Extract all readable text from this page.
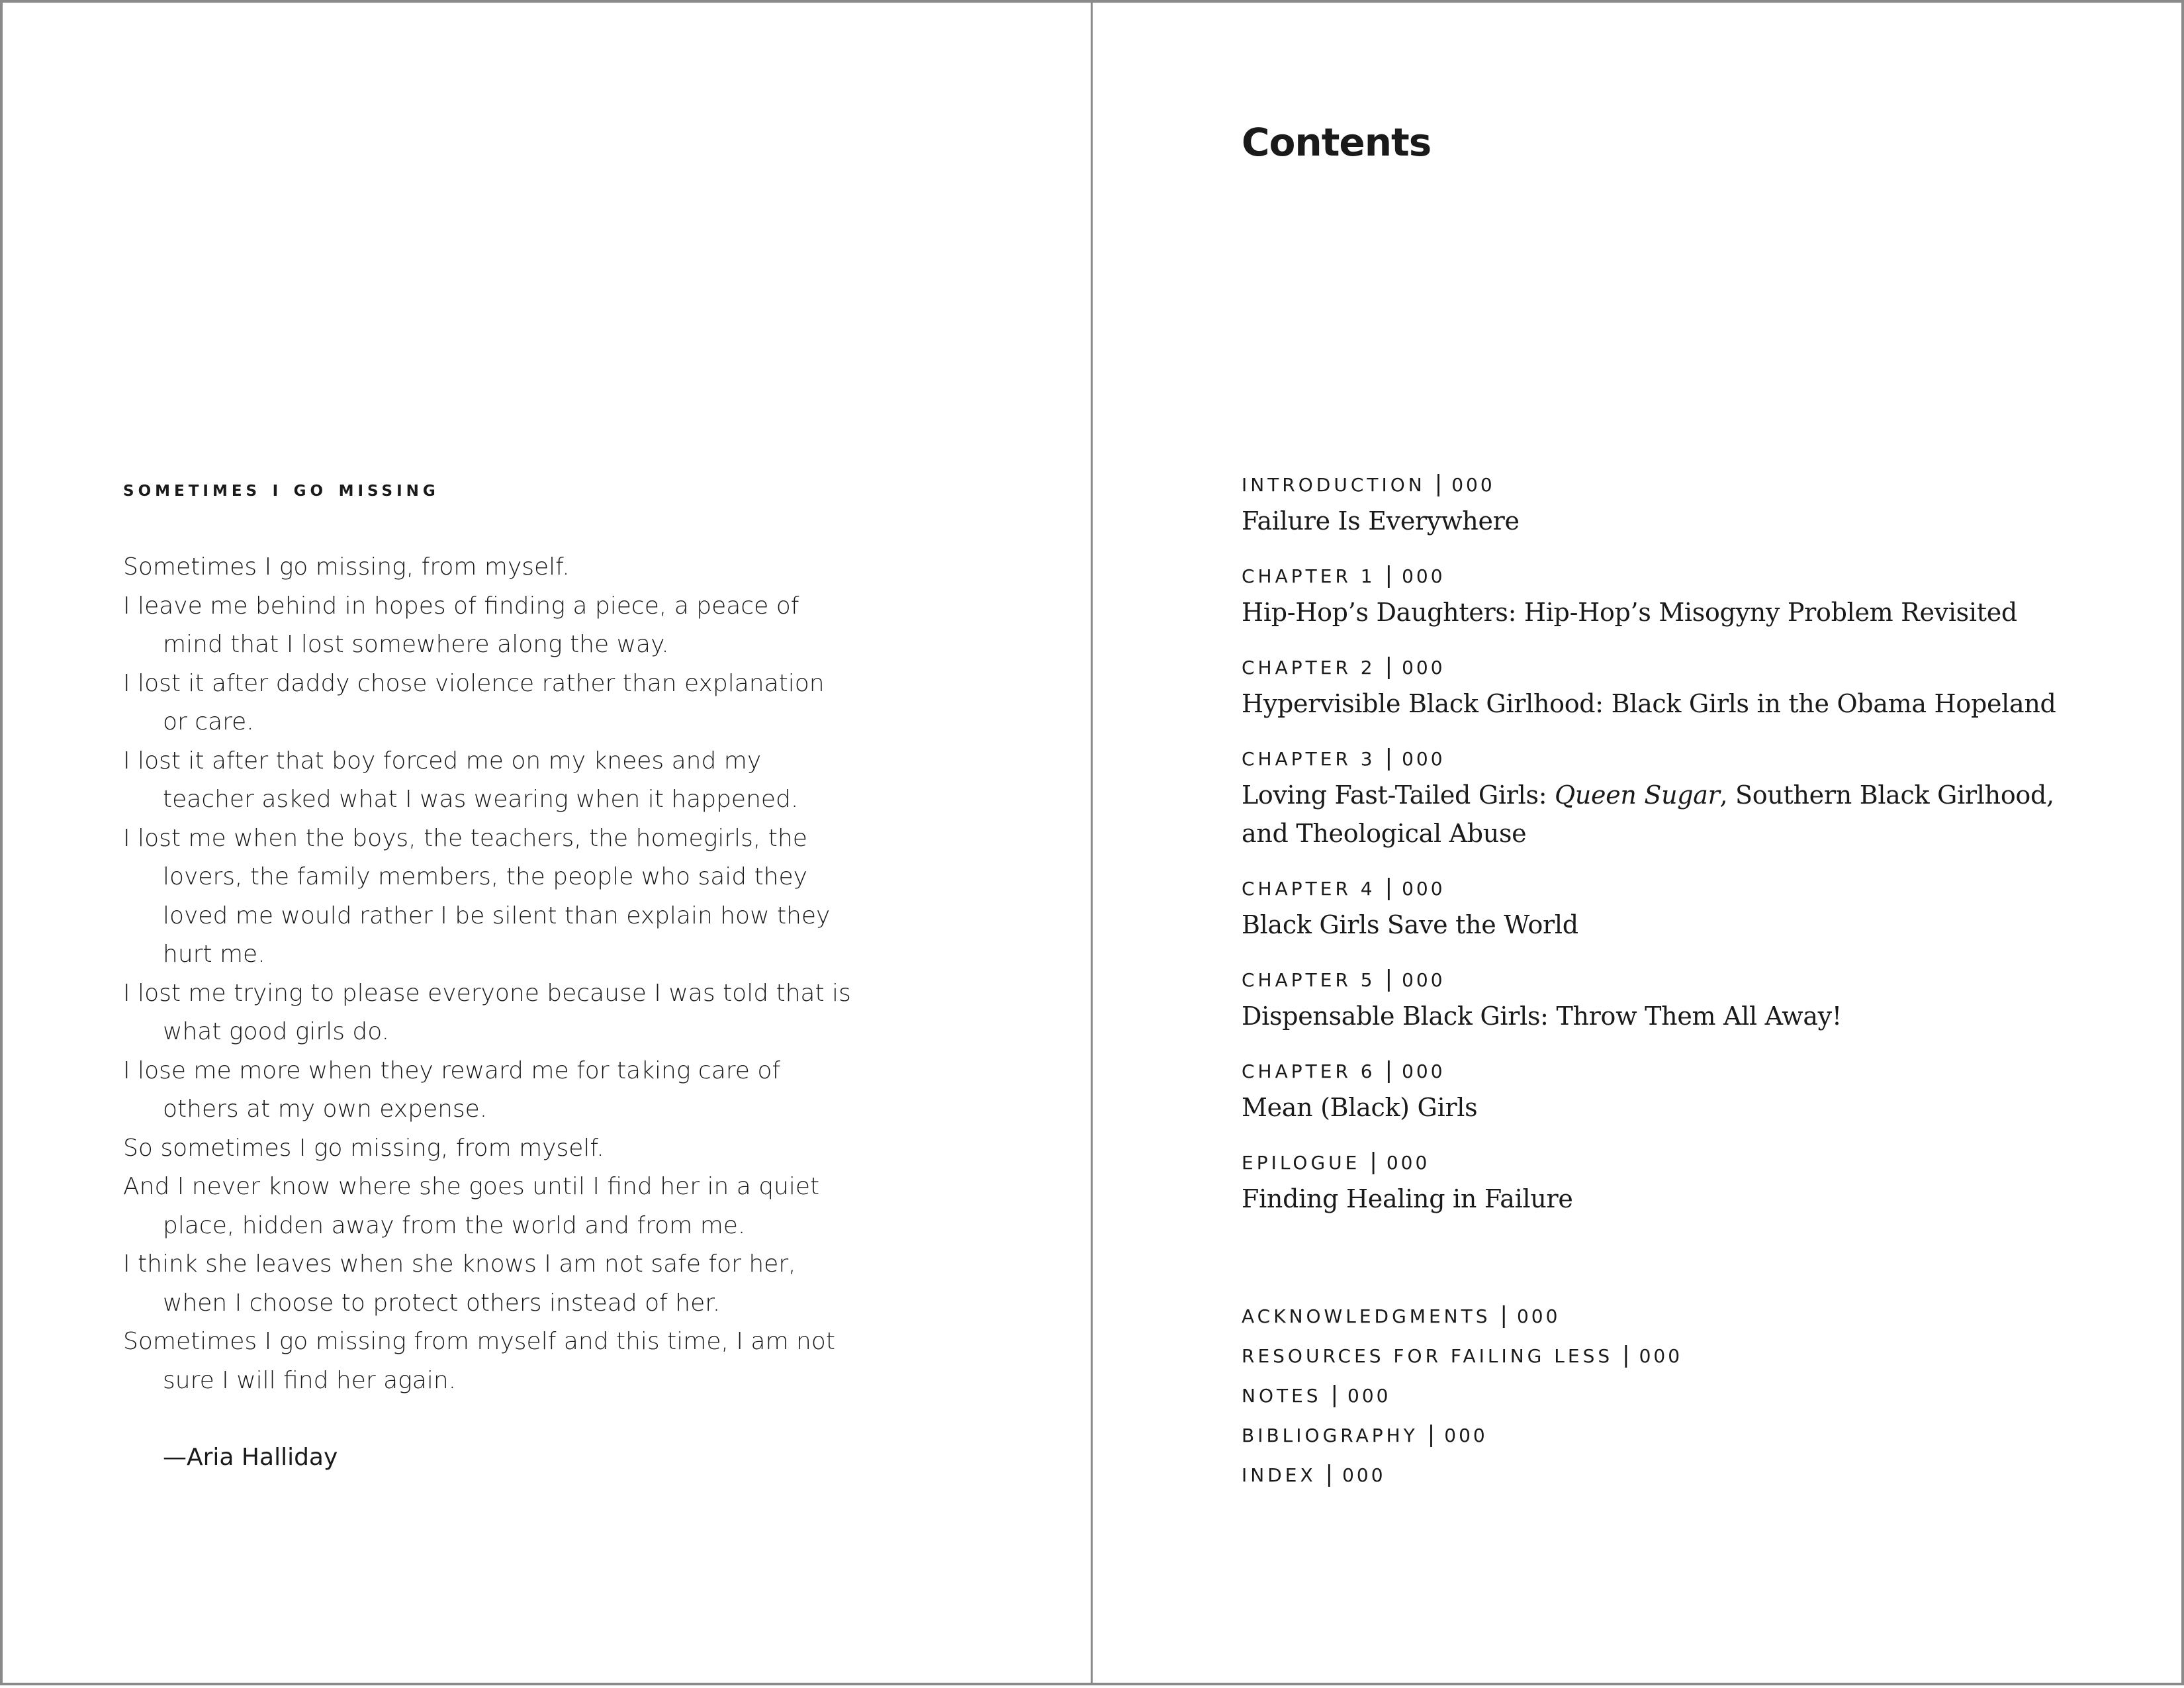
sometimes i go missing
Sometimes I go missing, from myself.
I leave me behind in hopes of finding a piece, a peace of mind that I lost somewhere along the way.
I lost it after daddy chose violence rather than explanation or care.
I lost it after that boy forced me on my knees and my teacher asked what I was wearing when it happened.
I lost me when the boys, the teachers, the homegirls, the lovers, the family members, the people who said they loved me would rather I be silent than explain how they hurt me.
I lost me trying to please everyone because I was told that is what good girls do.
I lose me more when they reward me for taking care of others at my own expense.
So sometimes I go missing, from myself.
And I never know where she goes until I find her in a quiet place, hidden away from the world and from me.
I think she leaves when she knows I am not safe for her, when I choose to protect others instead of her.
Sometimes I go missing from myself and this time, I am not sure I will find her again.
—Aria Halliday
Contents
INTRODUCTION | 000
Failure Is Everywhere
CHAPTER 1 | 000
Hip-Hop’s Daughters: Hip-Hop’s Misogyny Problem Revisited
CHAPTER 2 | 000
Hypervisible Black Girlhood: Black Girls in the Obama Hopeland
CHAPTER 3 | 000
Loving Fast-Tailed Girls: Queen Sugar, Southern Black Girlhood, and Theological Abuse
CHAPTER 4 | 000
Black Girls Save the World
CHAPTER 5 | 000
Dispensable Black Girls: Throw Them All Away!
CHAPTER 6 | 000
Mean (Black) Girls
EPILOGUE | 000
Finding Healing in Failure
ACKNOWLEDGMENTS | 000
RESOURCES FOR FAILING LESS | 000
NOTES | 000
BIBLIOGRAPHY | 000
INDEX | 000
